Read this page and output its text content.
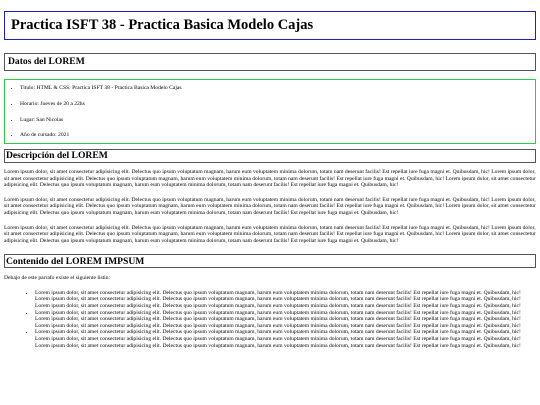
Practica ISFT 38 - Practica Basica Modelo Cajas
Datos del LOREM
• Titulo: HTML & CSS: Practica ISFT 38 - Practica Basica Modelo Cajas
• Horario: Jueves de 20 a 22hs
• Lugar: San Nicolas
• Año de cursado: 2021
Descripción del LOREM

Lorem ipsum dolor, sit amet consectetur adipisicing elit. Delectus quo ipsum voluptatum magnam, harum eum voluptatem minima dolorum, totam nam deserunt facilis! Est repellat iure fuga magni et. Quibusdam, hic! Lorem ipsum dolor, sit amet consectetur adipisicing elit. Delectus quo ipsum voluptatum magnam, harum eum voluptatem minima dolorum, totam nam deserunt facilis! Est repellat iure fuga magni et. Quibusdam, hic! Lorem ipsum dolor, sit amet consectetur adipisicing elit. Delectus quo ipsum voluptatum magnam, harum eum voluptatem minima dolorum, totam nam deserunt facilis! Est repellat iure fuga magni et. Quibusdam, hic!

Lorem ipsum dolor, sit amet consectetur adipisicing elit. Delectus quo ipsum voluptatum magnam, harum eum voluptatem minima dolorum, totam nam deserunt facilis! Est repellat iure fuga magni et. Quibusdam, hic! Lorem ipsum dolor, sit amet consectetur adipisicing elit. Delectus quo ipsum voluptatum magnam, harum eum voluptatem minima dolorum, totam nam deserunt facilis! Est repellat iure fuga magni et. Quibusdam, hic! Lorem ipsum dolor, sit amet consectetur adipisicing elit. Delectus quo ipsum voluptatum magnam, harum eum voluptatem minima dolorum, totam nam deserunt facilis! Est repellat iure fuga magni et. Quibusdam, hic!

Lorem ipsum dolor, sit amet consectetur adipisicing elit. Delectus quo ipsum voluptatum magnam, harum eum voluptatem minima dolorum, totam nam deserunt facilis! Est repellat iure fuga magni et. Quibusdam, hic! Lorem ipsum dolor, sit amet consectetur adipisicing elit. Delectus quo ipsum voluptatum magnam, harum eum voluptatem minima dolorum, totam nam deserunt facilis! Est repellat iure fuga magni et. Quibusdam, hic! Lorem ipsum dolor, sit amet consectetur adipisicing elit. Delectus quo ipsum voluptatum magnam, harum eum voluptatem minima dolorum, totam nam deserunt facilis! Est repellat iure fuga magni et. Quibusdam, hic!

Contenido del LOREM IMPSUM
Debajo de este parrafo existe el siguiente listin:
• Lorem ipsum dolor, sit amet consectetur adipisicing elit. Delectus quo ipsum voluptatum magnam, harum eum voluptatem minima dolorum, totam nam deserunt facilis! Est repellat iure fuga magni et. Quibusdam, hic! Lorem ipsum dolor, sit amet consectetur adipisicing elit. Delectus quo ipsum voluptatum magnam, harum eum voluptatem minima dolorum, totam nam deserunt facilis! Est repellat iure fuga magni et. Quibusdam, hic! Lorem ipsum dolor, sit amet consectetur adipisicing elit. Delectus quo ipsum voluptatum magnam, harum eum voluptatem minima dolorum, totam nam deserunt facilis! Est repellat iure fuga magni et. Quibusdam, hic!
• Lorem ipsum dolor, sit amet consectetur adipisicing elit. Delectus quo ipsum voluptatum magnam, harum eum voluptatem minima dolorum, totam nam deserunt facilis! Est repellat iure fuga magni et. Quibusdam, hic! Lorem ipsum dolor, sit amet consectetur adipisicing elit. Delectus quo ipsum voluptatum magnam, harum eum voluptatem minima dolorum, totam nam deserunt facilis! Est repellat iure fuga magni et. Quibusdam, hic! Lorem ipsum dolor, sit amet consectetur adipisicing elit. Delectus quo ipsum voluptatum magnam, harum eum voluptatem minima dolorum, totam nam deserunt facilis! Est repellat iure fuga magni et. Quibusdam, hic!
• Lorem ipsum dolor, sit amet consectetur adipisicing elit. Delectus quo ipsum voluptatum magnam, harum eum voluptatem minima dolorum, totam nam deserunt facilis! Est repellat iure fuga magni et. Quibusdam, hic! Lorem ipsum dolor, sit amet consectetur adipisicing elit. Delectus quo ipsum voluptatum magnam, harum eum voluptatem minima dolorum, totam nam deserunt facilis! Est repellat iure fuga magni et. Quibusdam, hic! Lorem ipsum dolor, sit amet consectetur adipisicing elit. Delectus quo ipsum voluptatum magnam, harum eum voluptatem minima dolorum, totam nam deserunt facilis! Est repellat iure fuga magni et. Quibusdam, hic!
